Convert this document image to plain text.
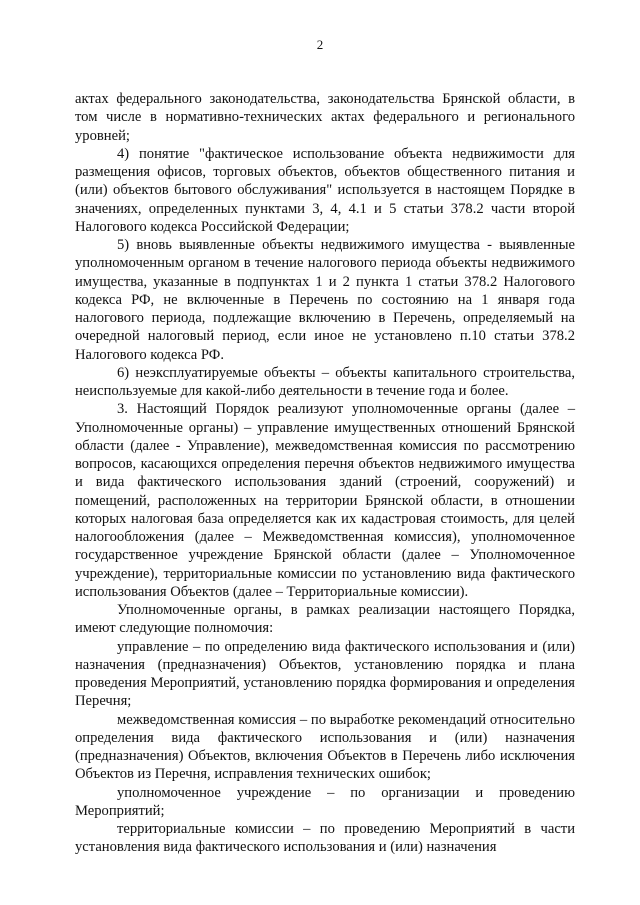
2

актах федерального законодательства, законодательства Брянской области, в том числе в нормативно-технических актах федерального и регионального уровней;

4) понятие "фактическое использование объекта недвижимости для размещения офисов, торговых объектов, объектов общественного питания и (или) объектов бытового обслуживания" используется в настоящем Порядке в значениях, определенных пунктами 3, 4, 4.1 и 5 статьи 378.2 части второй Налогового кодекса Российской Федерации;

5) вновь выявленные объекты недвижимого имущества - выявленные уполномоченным органом в течение налогового периода объекты недвижимого имущества, указанные в подпунктах 1 и 2 пункта 1 статьи 378.2 Налогового кодекса РФ, не включенные в Перечень по состоянию на 1 января года налогового периода, подлежащие включению в Перечень, определяемый на очередной налоговый период, если иное не установлено п.10 статьи 378.2 Налогового кодекса РФ.

6) неэксплуатируемые объекты – объекты капитального строительства, неиспользуемые для какой-либо деятельности в течение года и более.

3. Настоящий Порядок реализуют уполномоченные органы (далее – Уполномоченные органы) – управление имущественных отношений Брянской области (далее - Управление), межведомственная комиссия по рассмотрению вопросов, касающихся определения перечня объектов недвижимого имущества и вида фактического использования зданий (строений, сооружений) и помещений, расположенных на территории Брянской области, в отношении которых налоговая база определяется как их кадастровая стоимость, для целей налогообложения (далее – Межведомственная комиссия), уполномоченное государственное учреждение Брянской области (далее – Уполномоченное учреждение), территориальные комиссии по установлению вида фактического использования Объектов (далее – Территориальные комиссии).

Уполномоченные органы, в рамках реализации настоящего Порядка, имеют следующие полномочия:

управление – по определению вида фактического использования и (или) назначения (предназначения) Объектов, установлению порядка и плана проведения Мероприятий, установлению порядка формирования и определения Перечня;

межведомственная комиссия – по выработке рекомендаций относительно определения вида фактического использования и (или) назначения (предназначения) Объектов, включения Объектов в Перечень либо исключения Объектов из Перечня, исправления технических ошибок;

уполномоченное учреждение – по организации и проведению Мероприятий;

территориальные комиссии – по проведению Мероприятий в части установления вида фактического использования и (или) назначения
